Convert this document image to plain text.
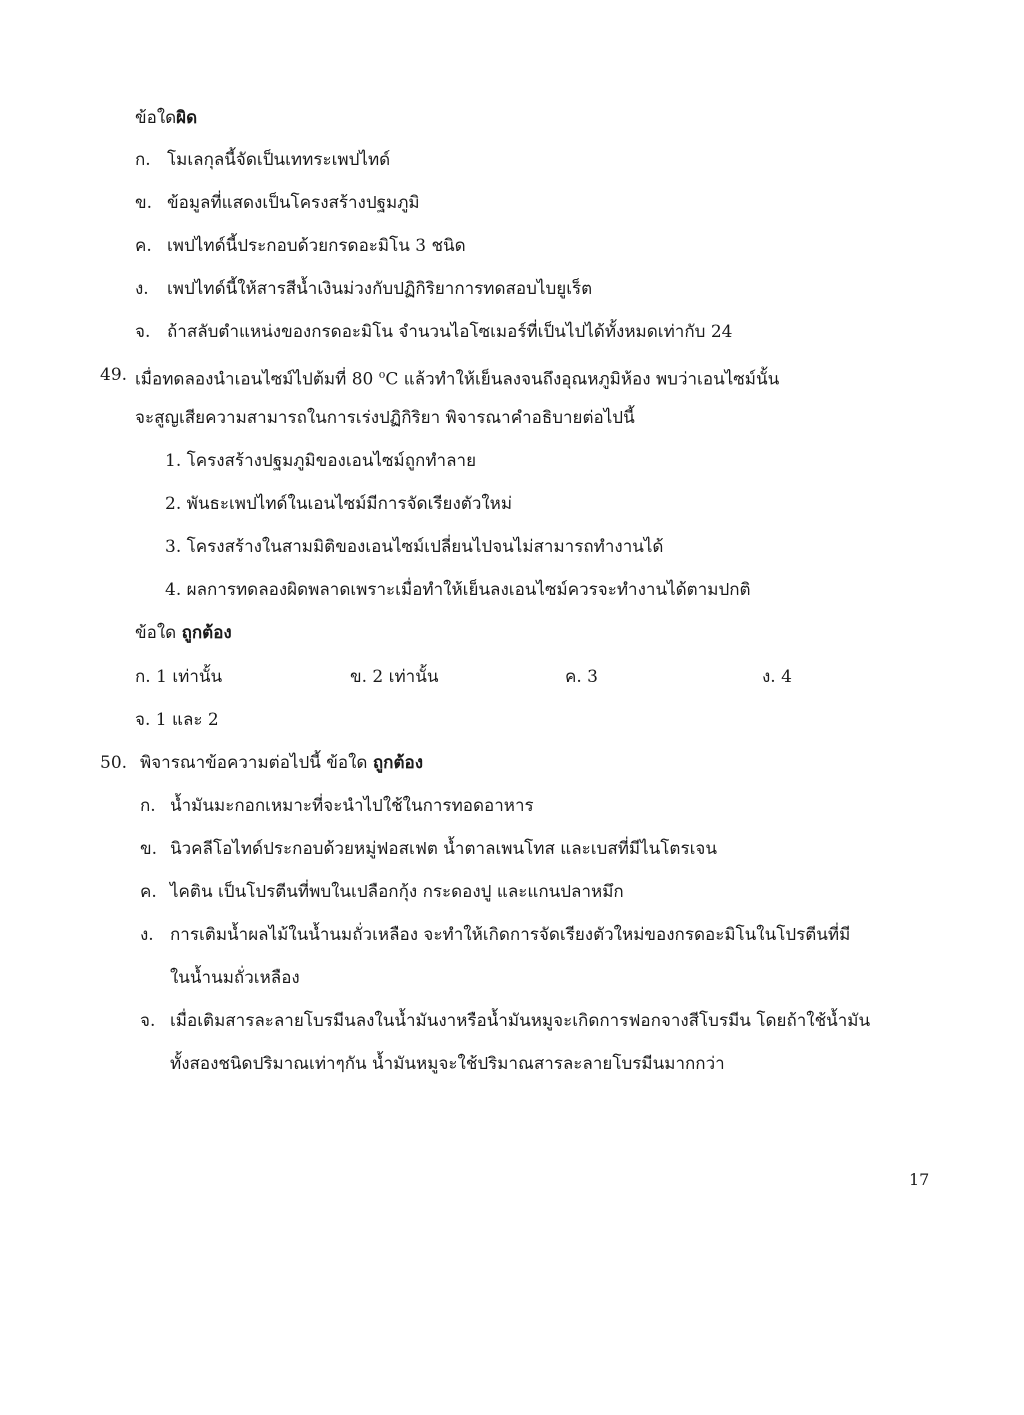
ข้อใดผิด
ก. โมเลกุลนี้จัดเป็นเททระเพปไทด์
ข. ข้อมูลที่แสดงเป็นโครงสร้างปฐมภูมิ
ค. เพปไทด์นี้ประกอบด้วยกรดอะมิโน 3 ชนิด
ง. เพปไทด์นี้ให้สารสีน้ำเงินม่วงกับปฏิกิริยาการทดสอบไบยูเร็ต
จ. ถ้าสลับตำแหน่งของกรดอะมิโน จำนวนไอโซเมอร์ที่เป็นไปได้ทั้งหมดเท่ากับ 24
49. เมื่อทดลองนำเอนไซม์ไปต้มที่ 80 $^o$C แล้วทำให้เย็นลงจนถึงอุณหภูมิห้อง พบว่าเอนไซม์นั้น
จะสูญเสียความสามารถในการเร่งปฏิกิริยา พิจารณาคำอธิบายต่อไปนี้
1. โครงสร้างปฐมภูมิของเอนไซม์ถูกทำลาย
2. พันธะเพปไทด์ในเอนไซม์มีการจัดเรียงตัวใหม่
3. โครงสร้างในสามมิติของเอนไซม์เปลี่ยนไปจนไม่สามารถทำงานได้
4. ผลการทดลองผิดพลาดเพราะเมื่อทำให้เย็นลงเอนไซม์ควรจะทำงานได้ตามปกติ
ข้อใด ถูกต้อง
ก. 1 เท่านั้น	ข. 2 เท่านั้น	ค. 3	ง. 4
จ. 1 และ 2
50. พิจารณาข้อความต่อไปนี้ ข้อใด ถูกต้อง
ก. น้ำมันมะกอกเหมาะที่จะนำไปใช้ในการทอดอาหาร
ข. นิวคลีโอไทด์ประกอบด้วยหมู่ฟอสเฟต น้ำตาลเพนโทส และเบสที่มีไนโตรเจน
ค. ไคติน เป็นโปรตีนที่พบในเปลือกกุ้ง กระดองปู และแกนปลาหมึก
ง. การเติมน้ำผลไม้ในน้ำนมถั่วเหลือง จะทำให้เกิดการจัดเรียงตัวใหม่ของกรดอะมิโนในโปรตีนที่มี
ในน้ำนมถั่วเหลือง
จ. เมื่อเติมสารละลายโบรมีนลงในน้ำมันงาหรือน้ำมันหมูจะเกิดการฟอกจางสีโบรมีน โดยถ้าใช้น้ำมัน
ทั้งสองชนิดปริมาณเท่าๆกัน น้ำมันหมูจะใช้ปริมาณสารละลายโบรมีนมากกว่า
17
